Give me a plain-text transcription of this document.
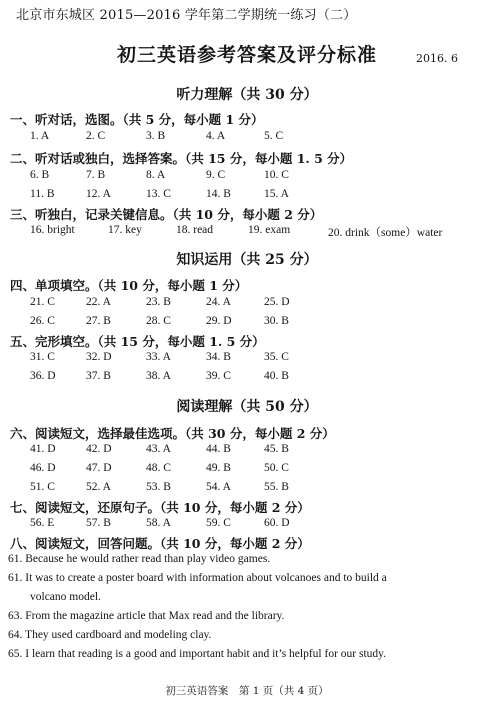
北京市东城区 2015—2016 学年第二学期统一练习（二）
初三英语参考答案及评分标准	2016. 6
听力理解（共 30 分）
一、听对话，选图。（共 5 分，每小题 1 分）
1. A	2. C	3. B	4. A	5. C
二、听对话或独白，选择答案。（共 15 分，每小题 1. 5 分）
6. B	7. B	8. A	9. C	10. C
11. B	12. A	13. C	14. B	15. A
三、听独白，记录关键信息。（共 10 分，每小题 2 分）
16. bright	17. key	18. read	19. exam	20. drink（some）water
知识运用（共 25 分）
四、单项填空。（共 10 分，每小题 1 分）
21. C	22. A	23. B	24. A	25. D
26. C	27. B	28. C	29. D	30. B
五、完形填空。（共 15 分，每小题 1. 5 分）
31. C	32. D	33. A	34. B	35. C
36. D	37. B	38. A	39. C	40. B
阅读理解（共 50 分）
六、阅读短文，选择最佳选项。（共 30 分，每小题 2 分）
41. D	42. D	43. A	44. B	45. B
46. D	47. D	48. C	49. B	50. C
51. C	52. A	53. B	54. A	55. B
七、阅读短文，还原句子。（共 10 分，每小题 2 分）
56. E	57. B	58. A	59. C	60. D
八、阅读短文，回答问题。（共 10 分，每小题 2 分）
61. Because he would rather read than play video games.
61. It was to create a poster board with information about volcanoes and to build a
volcano model.
63. From the magazine article that Max read and the library.
64. They used cardboard and modeling clay.
65. I learn that reading is a good and important habit and it’s helpful for our study.
初三英语答案　第 1 页（共 4 页）
